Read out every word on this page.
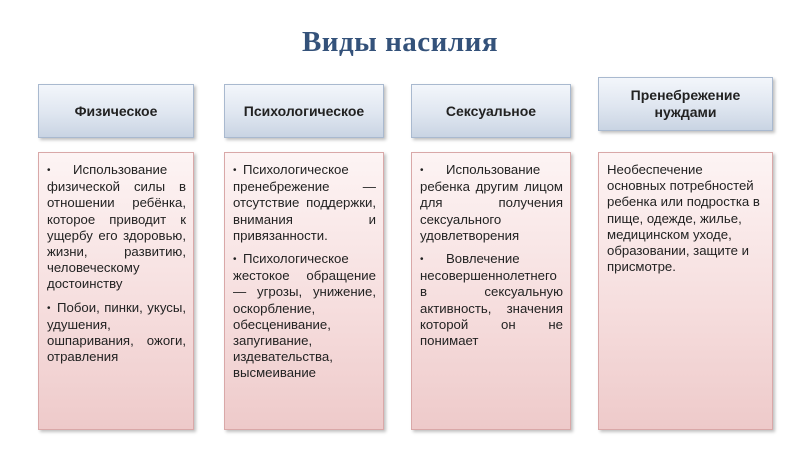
Виды насилия
Физическое	Психологическое	Сексуальное
Пренебрежение нуждами

• Использование физической силы в отношении ребёнка, которое приводит к ущербу его здоровью, жизни, развитию, человеческому достоинству

• Побои, пинки, укусы, удушения, ошпаривания, ожоги, отравления

• Психологическое пренебрежение — отсутствие поддержки, внимания и привязанности.

• Психологическое жестокое обращение — угрозы, унижение, оскорбление, обесценивание, запугивание, издевательства, высмеивание

• Использование ребенка другим лицом для получения сексуального удовлетворения

• Вовлечение несовершеннолетнего в сексуальную активность, значения которой он не понимает

Необеспечение основных потребностей ребенка или подростка в пище, одежде, жилье, медицинском уходе, образовании, защите и присмотре.
